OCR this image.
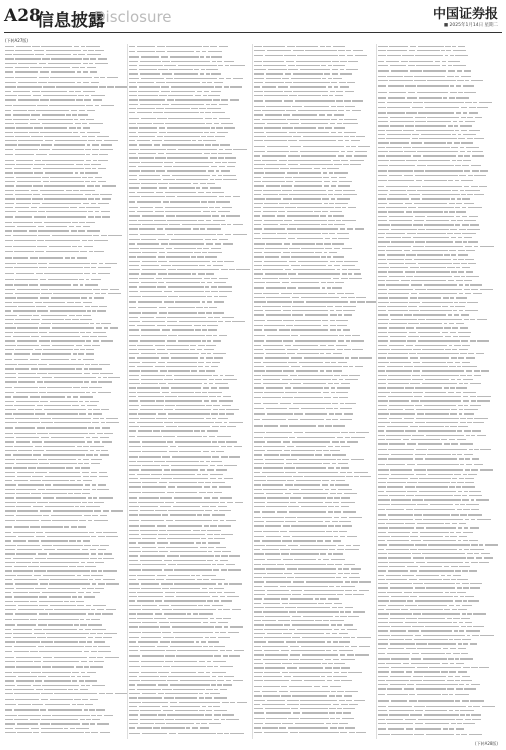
A28
信息披露
Disclosure	中国证券报
■ 2025年1月14日 星期二
(下转A27版)
(下转A28版)
